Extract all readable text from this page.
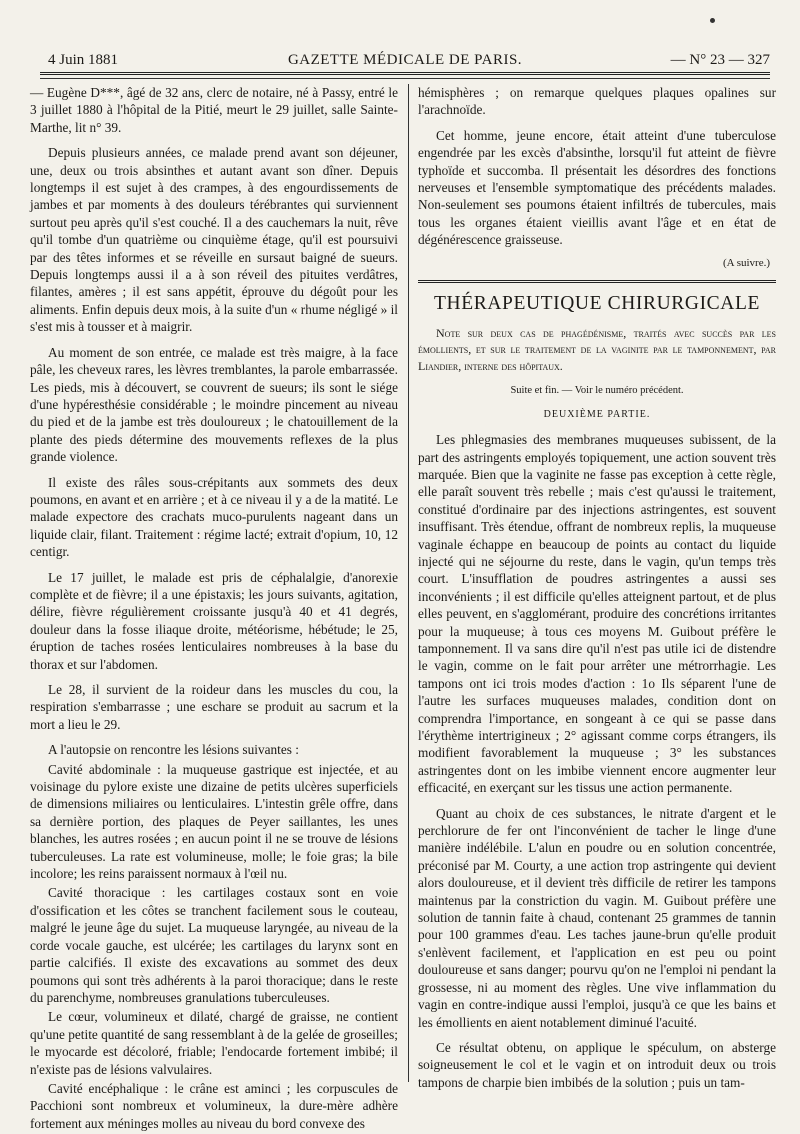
4 Juin 1881	GAZETTE MÉDICALE DE PARIS.	— N° 23 — 327

— Eugène D***, âgé de 32 ans, clerc de notaire, né à Passy, entré le 3 juillet 1880 à l'hôpital de la Pitié, meurt le 29 juillet, salle Sainte-Marthe, lit n° 39.

Depuis plusieurs années, ce malade prend avant son déjeuner, une, deux ou trois absinthes et autant avant son dîner. Depuis longtemps il est sujet à des crampes, à des engourdissements de jambes et par moments à des douleurs térébrantes qui surviennent surtout peu après qu'il s'est couché. Il a des cauchemars la nuit, rêve qu'il tombe d'un quatrième ou cinquième étage, qu'il est poursuivi par des têtes informes et se réveille en sursaut baigné de sueurs. Depuis longtemps aussi il a à son réveil des pituites verdâtres, filantes, amères ; il est sans appétit, éprouve du dégoût pour les aliments. Enfin depuis deux mois, à la suite d'un « rhume négligé » il s'est mis à tousser et à maigrir.

Au moment de son entrée, ce malade est très maigre, à la face pâle, les cheveux rares, les lèvres tremblantes, la parole embarrassée. Les pieds, mis à découvert, se couvrent de sueurs; ils sont le siége d'une hypéresthésie considérable ; le moindre pincement au niveau du pied et de la jambe est très douloureux ; le chatouillement de la plante des pieds détermine des mouvements reflexes de la plus grande violence.

Il existe des râles sous-crépitants aux sommets des deux poumons, en avant et en arrière ; et à ce niveau il y a de la matité. Le malade expectore des crachats muco-purulents nageant dans un liquide clair, filant. Traitement : régime lacté; extrait d'opium, 10, 12 centigr.

Le 17 juillet, le malade est pris de céphalalgie, d'anorexie complète et de fièvre; il a une épistaxis; les jours suivants, agitation, délire, fièvre régulièrement croissante jusqu'à 40 et 41 degrés, douleur dans la fosse iliaque droite, météorisme, hébétude; le 25, éruption de taches rosées lenticulaires nombreuses à la base du thorax et sur l'abdomen.

Le 28, il survient de la roideur dans les muscles du cou, la respiration s'embarrasse ; une eschare se produit au sacrum et la mort a lieu le 29.

A l'autopsie on rencontre les lésions suivantes :

Cavité abdominale : la muqueuse gastrique est injectée, et au voisinage du pylore existe une dizaine de petits ulcères superficiels de dimensions miliaires ou lenticulaires. L'intestin grêle offre, dans sa dernière portion, des plaques de Peyer saillantes, les unes blanches, les autres rosées ; en aucun point il ne se trouve de lésions tuberculeuses. La rate est volumineuse, molle; le foie gras; la bile incolore; les reins paraissent normaux à l'œil nu.

Cavité thoracique : les cartilages costaux sont en voie d'ossification et les côtes se tranchent facilement sous le couteau, malgré le jeune âge du sujet. La muqueuse laryngée, au niveau de la corde vocale gauche, est ulcérée; les cartilages du larynx sont en partie calcifiés. Il existe des excavations au sommet des deux poumons qui sont très adhérents à la paroi thoracique; dans le reste du parenchyme, nombreuses granulations tuberculeuses.

Le cœur, volumineux et dilaté, chargé de graisse, ne contient qu'une petite quantité de sang ressemblant à de la gelée de groseilles; le myocarde est décoloré, friable; l'endocarde fortement imbibé; il n'existe pas de lésions valvulaires.

Cavité encéphalique : le crâne est aminci ; les corpuscules de Pacchioni sont nombreux et volumineux, la dure-mère adhère fortement aux méninges molles au niveau du bord convexe des

hémisphères ; on remarque quelques plaques opalines sur l'arachnoïde.

Cet homme, jeune encore, était atteint d'une tuberculose engendrée par les excès d'absinthe, lorsqu'il fut atteint de fièvre typhoïde et succomba. Il présentait les désordres des fonctions nerveuses et l'ensemble symptomatique des précédents malades. Non-seulement ses poumons étaient infiltrés de tubercules, mais tous les organes étaient vieillis avant l'âge et en état de dégénérescence graisseuse.

(A suivre.)
THÉRAPEUTIQUE CHIRURGICALE

Note sur deux cas de phagédénisme, traités avec succès par les émollients, et sur le traitement de la vaginite par le tamponnement, par Liandier, interne des hôpitaux.

Suite et fin. — Voir le numéro précédent.
DEUXIÈME PARTIE.

Les phlegmasies des membranes muqueuses subissent, de la part des astringents employés topiquement, une action souvent très marquée. Bien que la vaginite ne fasse pas exception à cette règle, elle paraît souvent très rebelle ; mais c'est qu'aussi le traitement, constitué d'ordinaire par des injections astringentes, est souvent insuffisant. Très étendue, offrant de nombreux replis, la muqueuse vaginale échappe en beaucoup de points au contact du liquide injecté qui ne séjourne du reste, dans le vagin, qu'un temps très court. L'insufflation de poudres astringentes a aussi ses inconvénients ; il est difficile qu'elles atteignent partout, et de plus elles peuvent, en s'agglomérant, produire des concrétions irritantes pour la muqueuse; à tous ces moyens M. Guibout préfère le tamponnement. Il va sans dire qu'il n'est pas utile ici de distendre le vagin, comme on le fait pour arrêter une métrorrhagie. Les tampons ont ici trois modes d'action : 1o Ils séparent l'une de l'autre les surfaces muqueuses malades, condition dont on comprendra l'importance, en songeant à ce qui se passe dans l'érythème intertrigineux ; 2° agissant comme corps étrangers, ils modifient favorablement la muqueuse ; 3° les substances astringentes dont on les imbibe viennent encore augmenter leur efficacité, en exerçant sur les tissus une action permanente.

Quant au choix de ces substances, le nitrate d'argent et le perchlorure de fer ont l'inconvénient de tacher le linge d'une manière indélébile. L'alun en poudre ou en solution concentrée, préconisé par M. Courty, a une action trop astringente qui devient alors douloureuse, et il devient très difficile de retirer les tampons maintenus par la constriction du vagin. M. Guibout préfère une solution de tannin faite à chaud, contenant 25 grammes de tannin pour 100 grammes d'eau. Les taches jaune-brun qu'elle produit s'enlèvent facilement, et l'application en est peu ou point douloureuse et sans danger; pourvu qu'on ne l'emploi ni pendant la grossesse, ni au moment des règles. Une vive inflammation du vagin en contre-indique aussi l'emploi, jusqu'à ce que les bains et les émollients en aient notablement diminué l'acuité.

Ce résultat obtenu, on applique le spéculum, on absterge soigneusement le col et le vagin et on introduit deux ou trois tampons de charpie bien imbibés de la solution ; puis un tam-
